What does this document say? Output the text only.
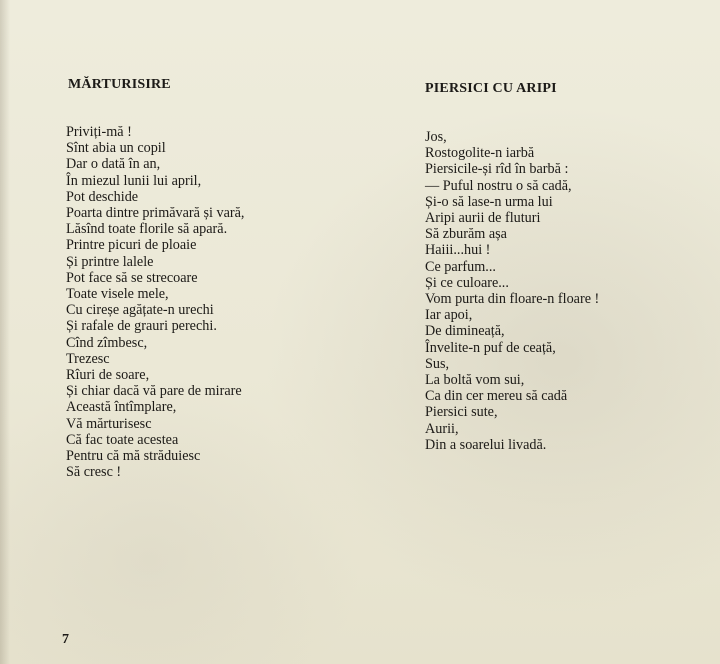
MĂRTURISIRE
Priviți-mă !
Sînt abia un copil
Dar o dată în an,
În miezul lunii lui april,
Pot deschide
Poarta dintre primăvară și vară,
Lăsînd toate florile să apară.
Printre picuri de ploaie
Și printre lalele
Pot face să se strecoare
Toate visele mele,
Cu cireșe agățate-n urechi
Și rafale de grauri perechi.
Cînd zîmbesc,
Trezesc
Rîuri de soare,
Și chiar dacă vă pare de mirare
Această întîmplare,
Vă mărturisesc
Că fac toate acestea
Pentru că mă străduiesc
Să cresc !
PIERSICI CU ARIPI
Jos,
Rostogolite-n iarbă
Piersicile-și rîd în barbă :
— Puful nostru o să cadă,
Și-o să lase-n urma lui
Aripi aurii de fluturi
Să zburăm așa
Haiii...hui !
Ce parfum...
Și ce culoare...
Vom purta din floare-n floare !
Iar apoi,
De dimineață,
Învelite-n puf de ceață,
Sus,
La boltă vom sui,
Ca din cer mereu să cadă
Piersici sute,
Aurii,
Din a soarelui livadă.
7
